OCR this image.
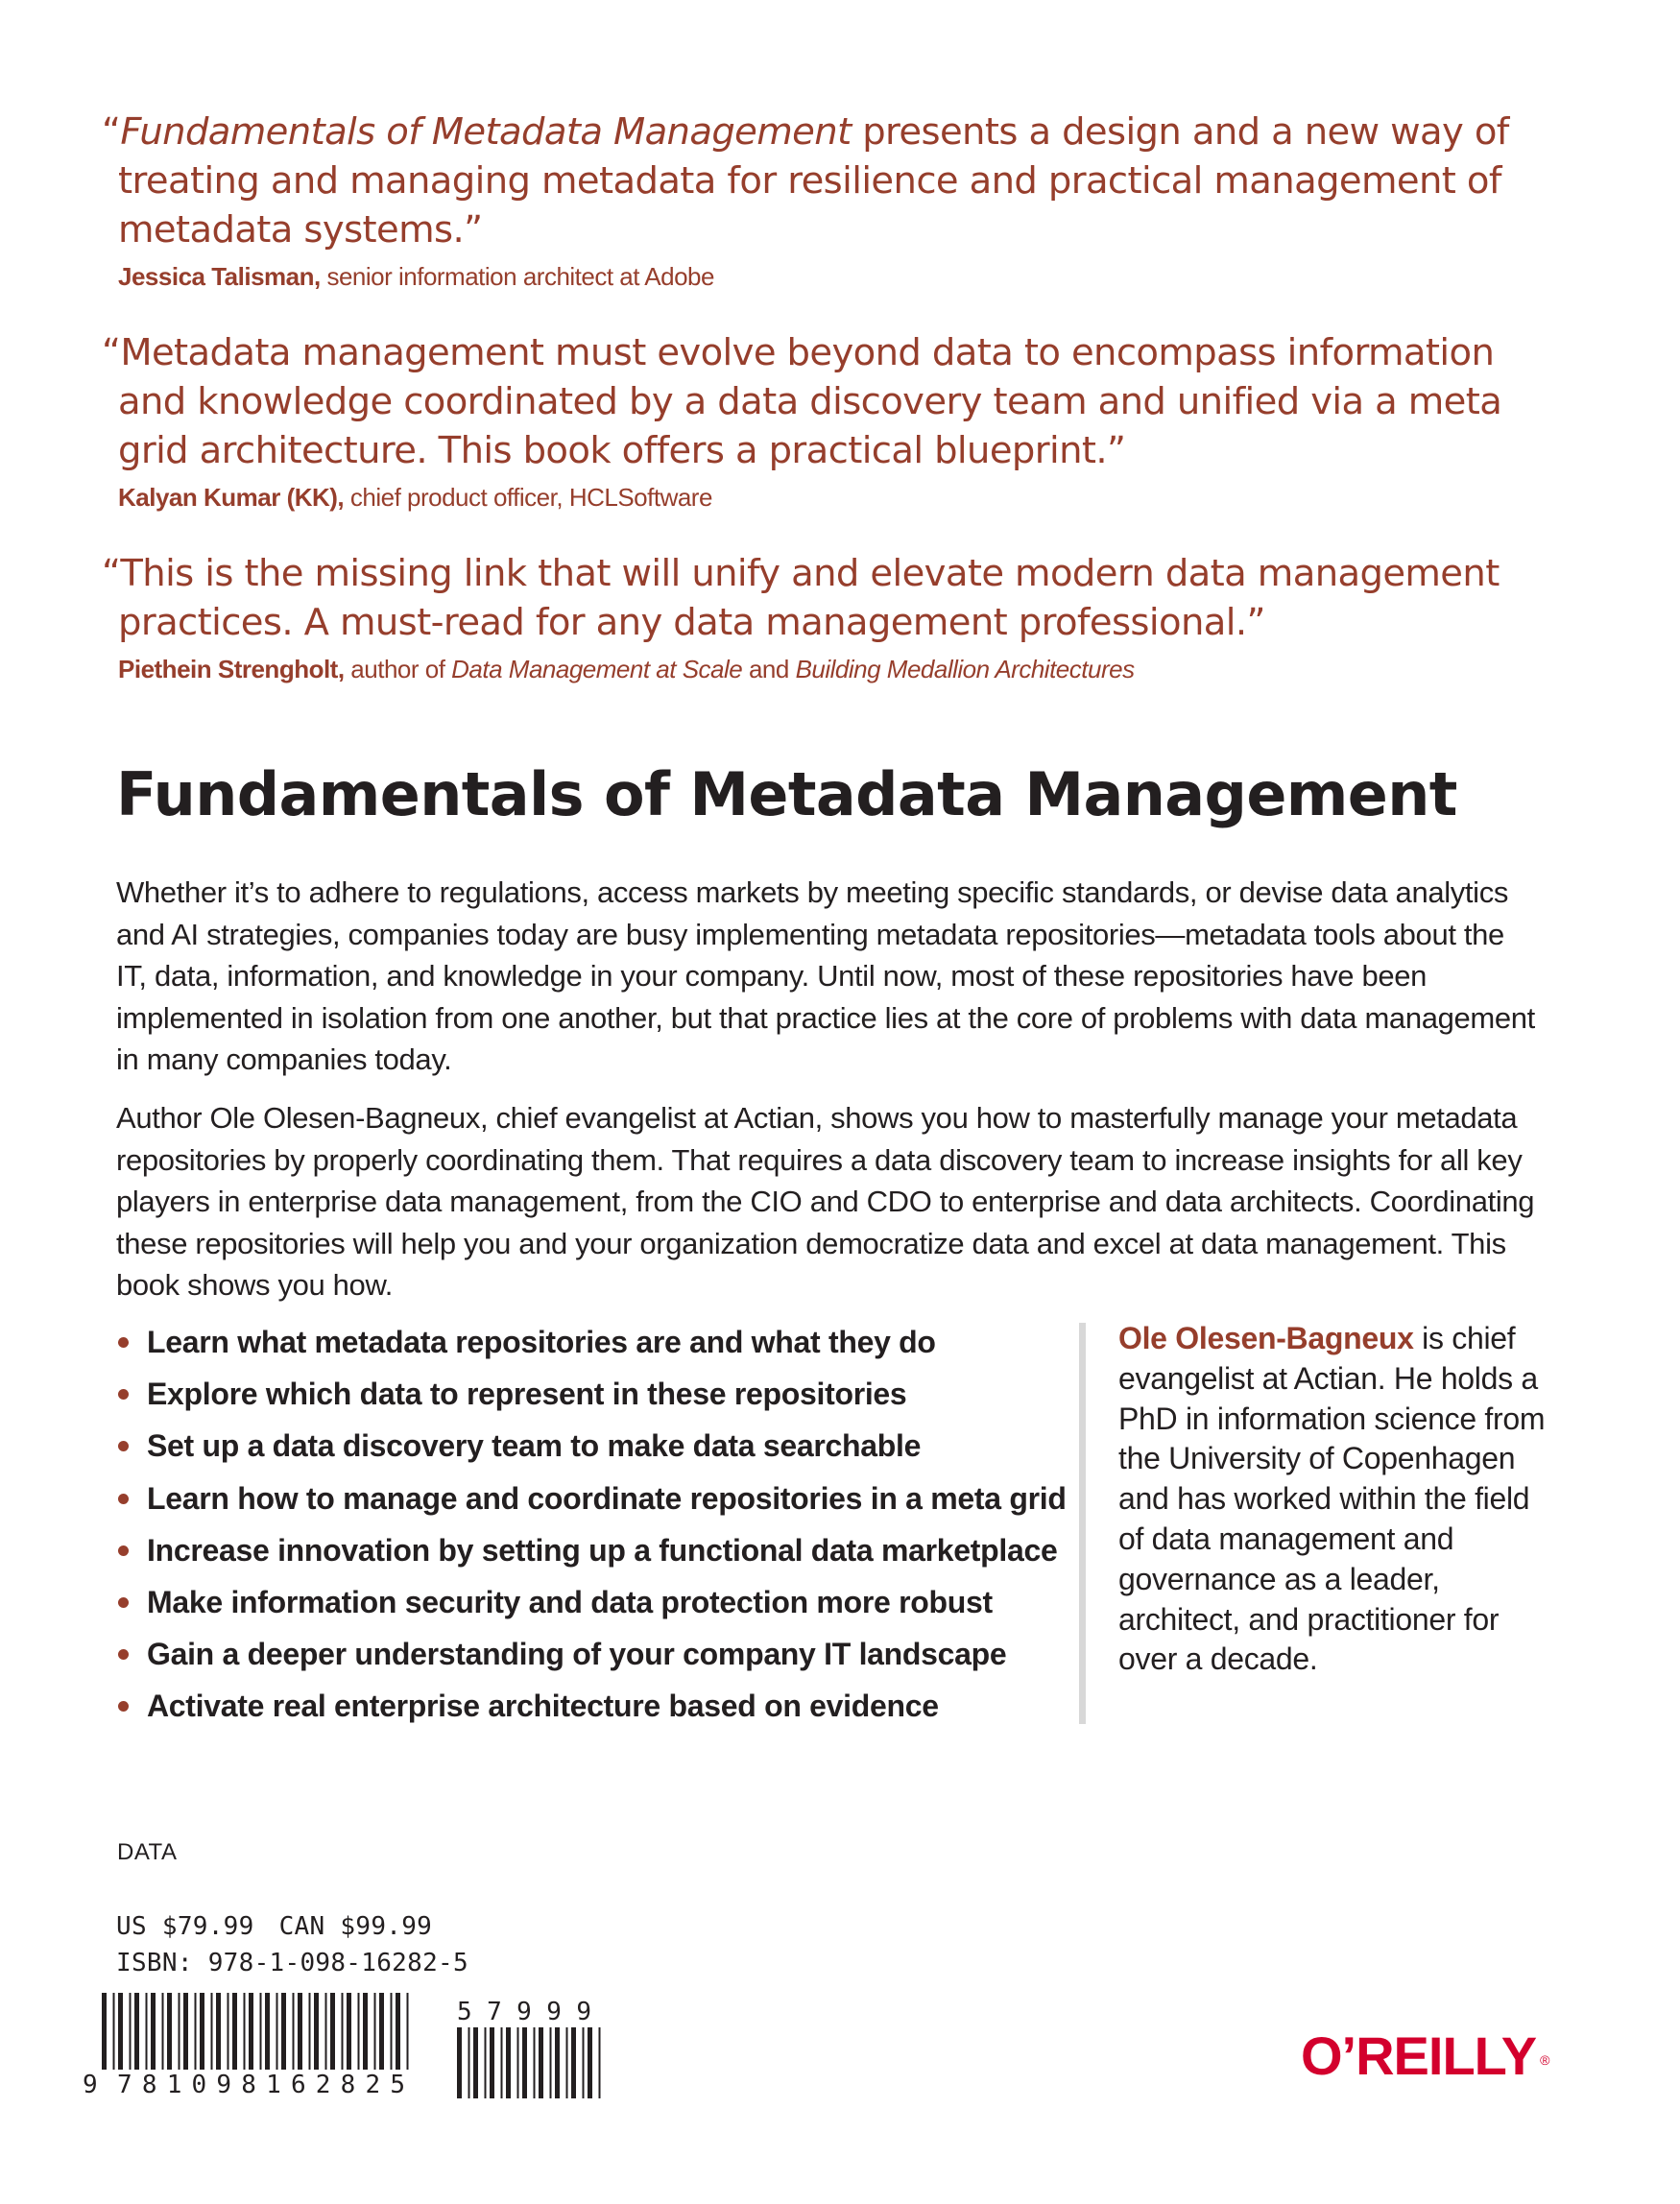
“Fundamentals of Metadata Management presents a design and a new way of treating and managing metadata for resilience and practical management of metadata systems.”

Jessica Talisman, senior information architect at Adobe

“Metadata management must evolve beyond data to encompass information and knowledge coordinated by a data discovery team and unified via a meta grid architecture. This book offers a practical blueprint.”

Kalyan Kumar (KK), chief product officer, HCLSoftware

“This is the missing link that will unify and elevate modern data management practices. A must-read for any data management professional.”

Piethein Strengholt, author of Data Management at Scale and Building Medallion Architectures

Fundamentals of Metadata Management

Whether it’s to adhere to regulations, access markets by meeting specific standards, or devise data analytics and AI strategies, companies today are busy implementing metadata repositories—metadata tools about the IT, data, information, and knowledge in your company. Until now, most of these repositories have been implemented in isolation from one another, but that practice lies at the core of problems with data management in many companies today.

Author Ole Olesen-Bagneux, chief evangelist at Actian, shows you how to masterfully manage your metadata repositories by properly coordinating them. That requires a data discovery team to increase insights for all key players in enterprise data management, from the CIO and CDO to enterprise and data architects. Coordinating these repositories will help you and your organization democratize data and excel at data management. This book shows you how.

Learn what metadata repositories are and what they do
Explore which data to represent in these repositories
Set up a data discovery team to make data searchable
Learn how to manage and coordinate repositories in a meta grid
Increase innovation by setting up a functional data marketplace
Make information security and data protection more robust
Gain a deeper understanding of your company IT landscape
Activate real enterprise architecture based on evidence

Ole Olesen-Bagneux is chief evangelist at Actian. He holds a PhD in information science from the University of Copenhagen and has worked within the field of data management and governance as a leader, architect, and practitioner for over a decade.

DATA

US $79.99 CAN $99.99

ISBN: 978-1-098-16282-5

9 781098162825
57999

O’REILLY ®
